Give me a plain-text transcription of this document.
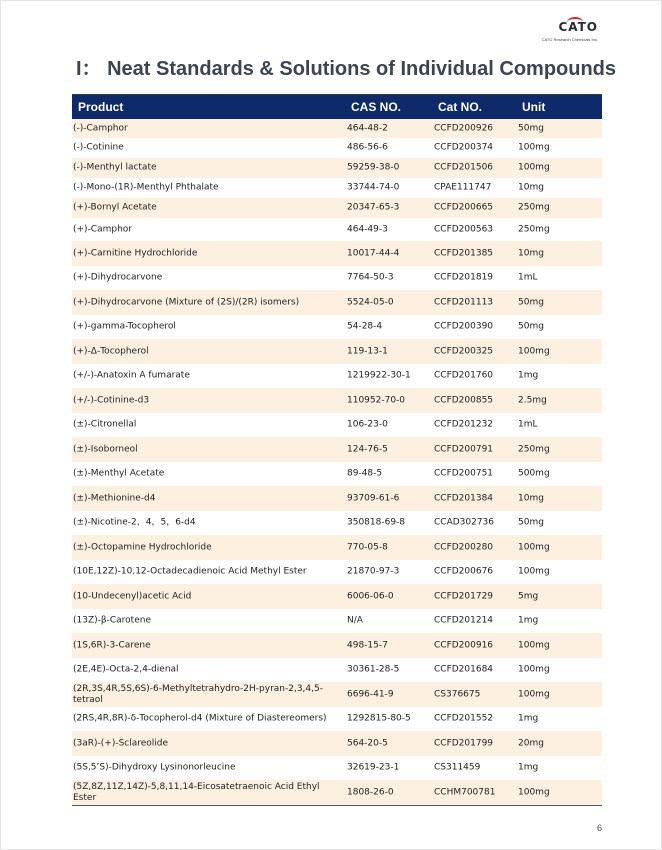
CATO
CATO Research Chemicals Inc.
I： Neat Standards & Solutions of Individual Compounds
Product	CAS NO.	Cat NO.	Unit
(-)-Camphor	464-48-2	CCFD200926	50mg
(-)-Cotinine	486-56-6	CCFD200374	100mg
(-)-Menthyl lactate	59259-38-0	CCFD201506	100mg
(-)-Mono-(1R)-Menthyl Phthalate	33744-74-0	CPAE111747	10mg
(+)-Bornyl Acetate	20347-65-3	CCFD200665	250mg
(+)-Camphor	464-49-3	CCFD200563	250mg
(+)-Carnitine Hydrochloride	10017-44-4	CCFD201385	10mg
(+)-Dihydrocarvone	7764-50-3	CCFD201819	1mL
(+)-Dihydrocarvone (Mixture of (2S)/(2R) isomers)	5524-05-0	CCFD201113	50mg
(+)-gamma-Tocopherol	54-28-4	CCFD200390	50mg
(+)-Δ-Tocopherol	119-13-1	CCFD200325	100mg
(+/-)-Anatoxin A fumarate	1219922-30-1	CCFD201760	1mg
(+/-)-Cotinine-d3	110952-70-0	CCFD200855	2.5mg
(±)-Citronellal	106-23-0	CCFD201232	1mL
(±)-Isoborneol	124-76-5	CCFD200791	250mg
(±)-Menthyl Acetate	89-48-5	CCFD200751	500mg
(±)-Methionine-d4	93709-61-6	CCFD201384	10mg
(±)-Nicotine-2，4，5，6-d4	350818-69-8	CCAD302736	50mg
(±)-Octopamine Hydrochloride	770-05-8	CCFD200280	100mg
(10E,12Z)-10,12-Octadecadienoic Acid Methyl Ester	21870-97-3	CCFD200676	100mg
(10-Undecenyl)acetic Acid	6006-06-0	CCFD201729	5mg
(13Z)-β-Carotene	N/A	CCFD201214	1mg
(1S,6R)-3-Carene	498-15-7	CCFD200916	100mg
(2E,4E)-Octa-2,4-dienal	30361-28-5	CCFD201684	100mg
(2R,3S,4R,5S,6S)-6-Methyltetrahydro-2H-pyran-2,3,4,5-tetraol
6696-41-9	CS376675	100mg
(2RS,4R,8R)-δ-Tocopherol-d4 (Mixture of Diastereomers)	1292815-80-5	CCFD201552	1mg
(3aR)-(+)-Sclareolide	564-20-5	CCFD201799	20mg
(5S,5’S)-Dihydroxy Lysinonorleucine	32619-23-1	CS311459	1mg
(5Z,8Z,11Z,14Z)-5,8,11,14-Eicosatetraenoic Acid Ethyl Ester
1808-26-0	CCHM700781	100mg
6
